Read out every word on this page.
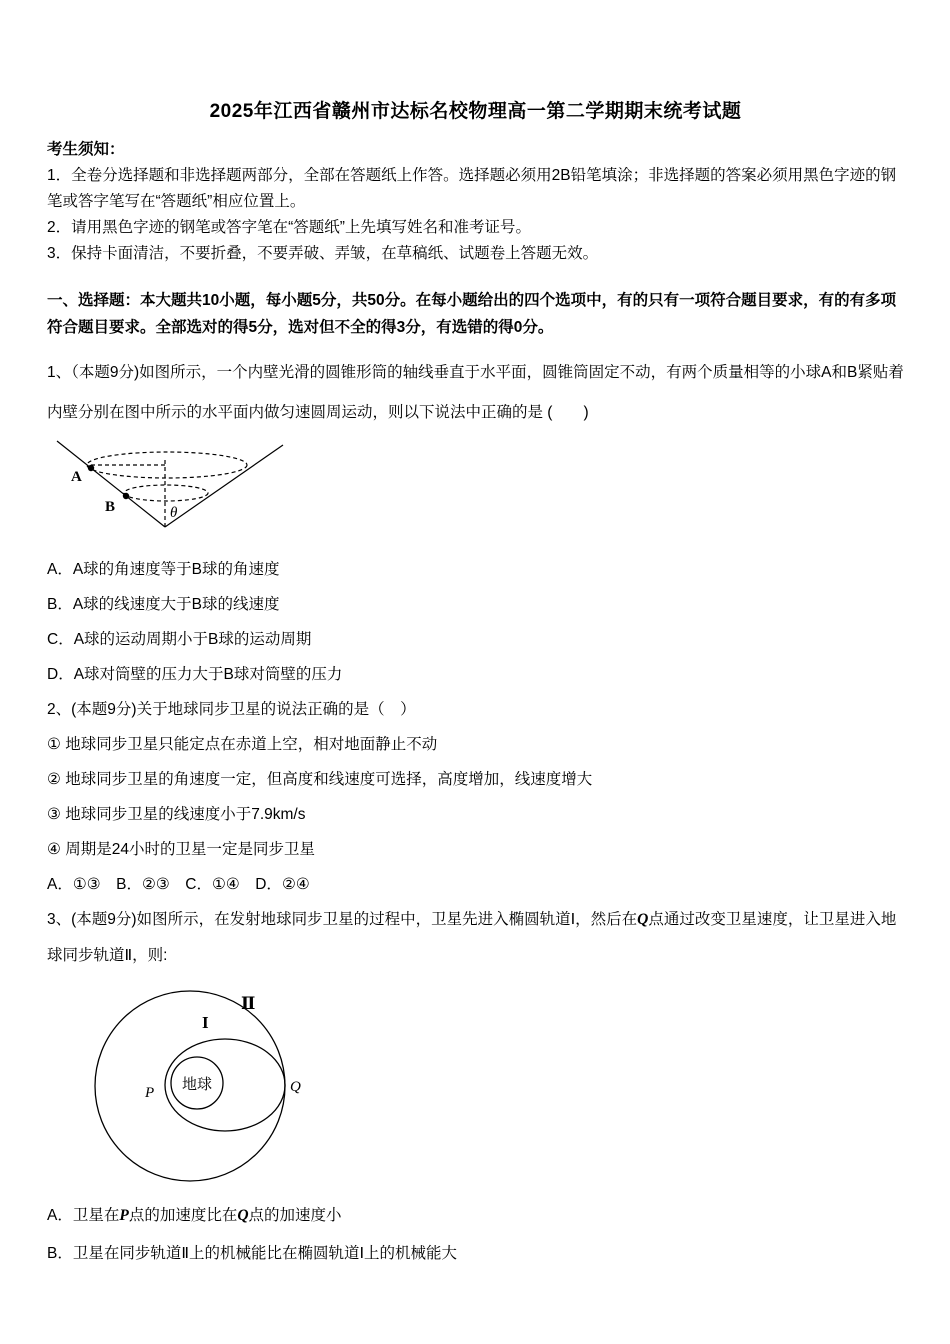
2025年江西省赣州市达标名校物理高一第二学期期末统考试题

考生须知：

1．全卷分选择题和非选择题两部分，全部在答题纸上作答。选择题必须用2B铅笔填涂；非选择题的答案必须用黑色字迹的钢笔或答字笔写在“答题纸”相应位置上。

2．请用黑色字迹的钢笔或答字笔在“答题纸”上先填写姓名和准考证号。

3．保持卡面清洁，不要折叠，不要弄破、弄皱，在草稿纸、试题卷上答题无效。

一、选择题：本大题共10小题，每小题5分，共50分。在每小题给出的四个选项中，有的只有一项符合题目要求，有的有多项符合题目要求。全部选对的得5分，选对但不全的得3分，有选错的得0分。

1、（本题9分)如图所示，一个内壁光滑的圆锥形筒的轴线垂直于水平面，圆锥筒固定不动，有两个质量相等的小球A和B紧贴着内壁分别在图中所示的水平面内做匀速圆周运动，则以下说法中正确的是 (　　)

A
B	θ

A．A球的角速度等于B球的角速度

B．A球的线速度大于B球的线速度

C．A球的运动周期小于B球的运动周期

D．A球对筒壁的压力大于B球对筒壁的压力

2、(本题9分)关于地球同步卫星的说法正确的是（　）

① 地球同步卫星只能定点在赤道上空，相对地面静止不动

② 地球同步卫星的角速度一定，但高度和线速度可选择，高度增加，线速度增大

③ 地球同步卫星的线速度小于7.9km/s

④ 周期是24小时的卫星一定是同步卫星

A．①③　B．②③　C．①④　D．②④

3、(本题9分)如图所示，在发射地球同步卫星的过程中，卫星先进入椭圆轨道Ⅰ，然后在Q点通过改变卫星速度，让卫星进入地球同步轨道Ⅱ，则:

I
Ⅱ
地球
P	Q

A．卫星在P点的加速度比在Q点的加速度小

B．卫星在同步轨道Ⅱ上的机械能比在椭圆轨道Ⅰ上的机械能大
